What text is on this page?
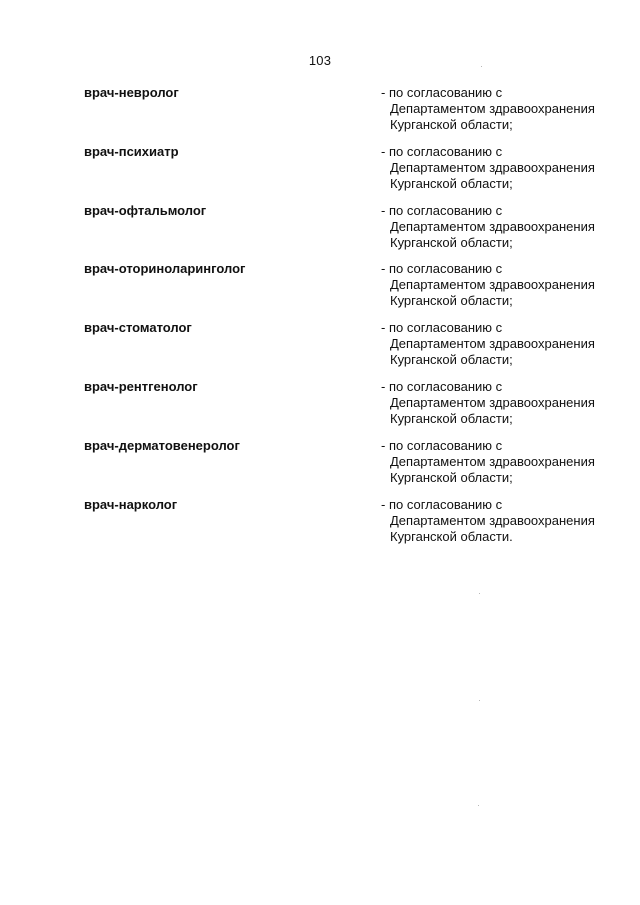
103
врач-невролог	- по согласованию с
Департаментом здравоохранения
Курганской области;
врач-психиатр	- по согласованию с
Департаментом здравоохранения
Курганской области;
врач-офтальмолог	- по согласованию с
Департаментом здравоохранения
Курганской области;
врач-оториноларинголог	- по согласованию с
Департаментом здравоохранения
Курганской области;
врач-стоматолог	- по согласованию с
Департаментом здравоохранения
Курганской области;
врач-рентгенолог	- по согласованию с
Департаментом здравоохранения
Курганской области;
врач-дерматовенеролог	- по согласованию с
Департаментом здравоохранения
Курганской области;
врач-нарколог	- по согласованию с
Департаментом здравоохранения
Курганской области.
